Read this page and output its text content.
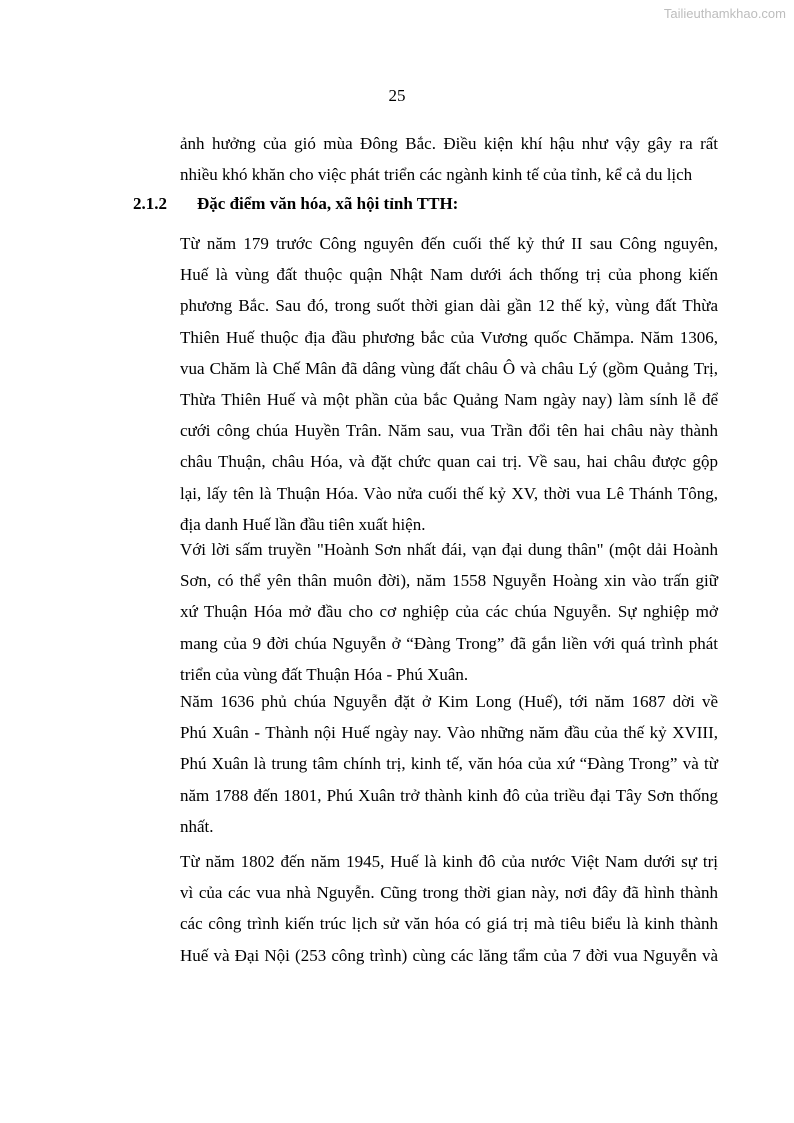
Tailieuthamkhao.com
25
ảnh hưởng của gió mùa Đông Bắc. Điều kiện khí hậu như vậy gây ra rất
nhiều khó khăn cho việc phát triển các ngành kinh tế của tỉnh, kể cả du lịch
2.1.2 Đặc điểm văn hóa, xã hội tỉnh TTH:
Từ năm 179 trước Công nguyên đến cuối thế kỷ thứ II sau Công nguyên,
Huế là vùng đất thuộc quận Nhật Nam dưới ách thống trị của phong kiến
phương Bắc. Sau đó, trong suốt thời gian dài gần 12 thế kỷ, vùng đất Thừa
Thiên Huế thuộc địa đầu phương bắc của Vương quốc Chămpa. Năm 1306,
vua Chăm là Chế Mân đã dâng vùng đất châu Ô và châu Lý (gồm Quảng Trị,
Thừa Thiên Huế và một phần của bắc Quảng Nam ngày nay) làm sính lễ để
cưới công chúa Huyền Trân. Năm sau, vua Trần đổi tên hai châu này thành
châu Thuận, châu Hóa, và đặt chức quan cai trị. Về sau, hai châu được gộp
lại, lấy tên là Thuận Hóa. Vào nửa cuối thế kỷ XV, thời vua Lê Thánh Tông,
địa danh Huế lần đầu tiên xuất hiện.
Với lời sấm truyền "Hoành Sơn nhất đái, vạn đại dung thân" (một dải Hoành
Sơn, có thể yên thân muôn đời), năm 1558 Nguyễn Hoàng xin vào trấn giữ
xứ Thuận Hóa mở đầu cho cơ nghiệp của các chúa Nguyễn. Sự nghiệp mở
mang của 9 đời chúa Nguyễn ở “Đàng Trong” đã gắn liền với quá trình phát
triển của vùng đất Thuận Hóa - Phú Xuân.
Năm 1636 phủ chúa Nguyễn đặt ở Kim Long (Huế), tới năm 1687 dời về
Phú Xuân - Thành nội Huế ngày nay. Vào những năm đầu của thế kỷ XVIII,
Phú Xuân là trung tâm chính trị, kinh tế, văn hóa của xứ “Đàng Trong” và từ
năm 1788 đến 1801, Phú Xuân trở thành kinh đô của triều đại Tây Sơn thống
nhất.
Từ năm 1802 đến năm 1945, Huế là kinh đô của nước Việt Nam dưới sự trị
vì của các vua nhà Nguyễn. Cũng trong thời gian này, nơi đây đã hình thành
các công trình kiến trúc lịch sử văn hóa có giá trị mà tiêu biểu là kinh thành
Huế và Đại Nội (253 công trình) cùng các lăng tẩm của 7 đời vua Nguyễn và
